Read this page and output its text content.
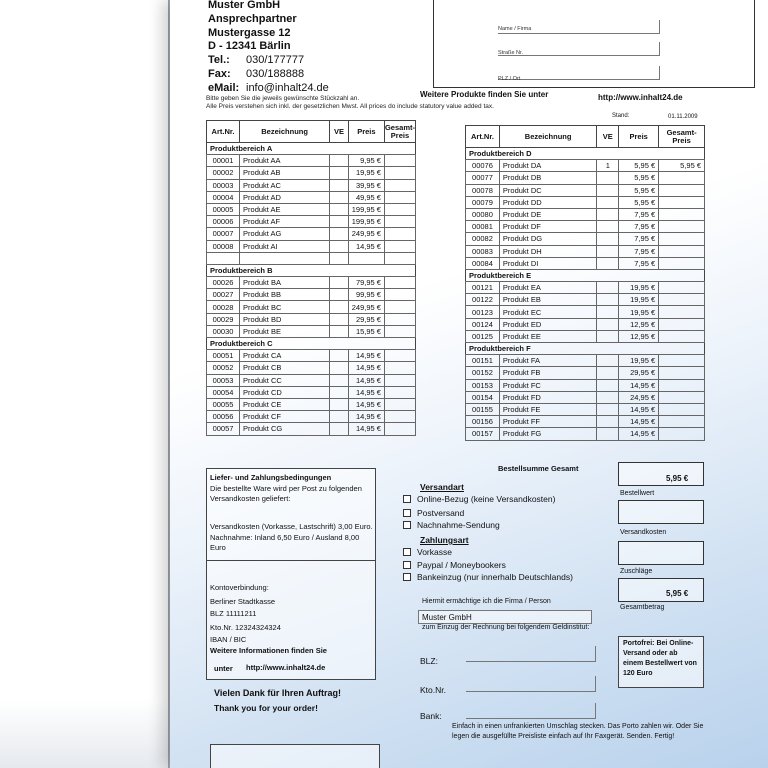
Muster GmbH
Ansprechpartner
Mustergasse 12
D - 12341 Bärlin
Tel.: 030/177777
Fax: 030/188888
eMail: info@inhalt24.de
Bitte geben Sie die jeweils gewünschte Stückzahl an.
Alle Preis verstehen sich inkl. der gesetzlichen Mwst. All prices do include statutory value added tax.
Name / Firma
Straße Nr.
PLZ / Ort
Weitere Produkte finden Sie unter	http://www.inhalt24.de
Stand:	01.11.2009
Art.Nr.	Bezeichnung	VE	Preis	Gesamt-Preis
Produktbereich A				
00001	Produkt AA		9,95 €	
00002	Produkt AB		19,95 €	
00003	Produkt AC		39,95 €	
00004	Produkt AD		49,95 €	
00005	Produkt AE		199,95 €	
00006	Produkt AF		199,95 €	
00007	Produkt AG		249,95 €	
00008	Produkt AI		14,95 €	

Produktbereich B				
00026	Produkt BA		79,95 €	
00027	Produkt BB		99,95 €	
00028	Produkt BC		249,95 €	
00029	Produkt BD		29,95 €	
00030	Produkt BE		15,95 €	
Produktbereich C				
00051	Produkt CA		14,95 €	
00052	Produkt CB		14,95 €	
00053	Produkt CC		14,95 €	
00054	Produkt CD		14,95 €	
00055	Produkt CE		14,95 €	
00056	Produkt CF		14,95 €	
00057	Produkt CG		14,95 €	
Art.Nr.	Bezeichnung	VE	Preis	Gesamt-Preis
Produktbereich D				
00076	Produkt DA	1	5,95 €	5,95 €
00077	Produkt DB		5,95 €	
00078	Produkt DC		5,95 €	
00079	Produkt DD		5,95 €	
00080	Produkt DE		7,95 €	
00081	Produkt DF		7,95 €	
00082	Produkt DG		7,95 €	
00083	Produkt DH		7,95 €	
00084	Produkt DI		7,95 €	
Produktbereich E				
00121	Produkt EA		19,95 €	
00122	Produkt EB		19,95 €	
00123	Produkt EC		19,95 €	
00124	Produkt ED		12,95 €	
00125	Produkt EE		12,95 €	
Produktbereich F				
00151	Produkt FA		19,95 €	
00152	Produkt FB		29,95 €	
00153	Produkt FC		14,95 €	
00154	Produkt FD		24,95 €	
00155	Produkt FE		14,95 €	
00156	Produkt FF		14,95 €	
00157	Produkt FG		14,95 €	
Liefer- und Zahlungsbedingungen
Die bestellte Ware wird per Post zu folgenden Versandkosten geliefert:
Versandkosten (Vorkasse, Lastschrift) 3,00 Euro. Nachnahme: Inland 6,50 Euro / Ausland 8,00 Euro
Kontoverbindung:
Berliner Stadtkasse
BLZ 11111211
Kto.Nr. 12324324324
IBAN / BIC
Weitere Informationen finden Sie
unter http://www.inhalt24.de
Vielen Dank für Ihren Auftrag!
Thank you for your order!
Bestellsumme Gesamt
Versandart
Online-Bezug (keine Versandkosten)
Postversand
Nachnahme-Sendung
Zahlungsart
Vorkasse
Paypal / Moneybookers
Bankeinzug (nur innerhalb Deutschlands)
Hiermit ermächtige ich die Firma / Person
Muster GmbH
zum Einzug der Rechnung bei folgendem Geldinstitut:
BLZ:
Kto.Nr.
Bank:
Einfach in einen unfrankierten Umschlag stecken. Das Porto zahlen wir. Oder Sie legen die ausgefüllte Preisliste einfach auf Ihr Faxgerät. Senden. Fertig!
5,95 €
Bestellwert
Versandkosten
Zuschläge
5,95 €
Gesamtbetrag
Portofrei: Bei Online-Versand oder ab einem Bestellwert von 120 Euro
